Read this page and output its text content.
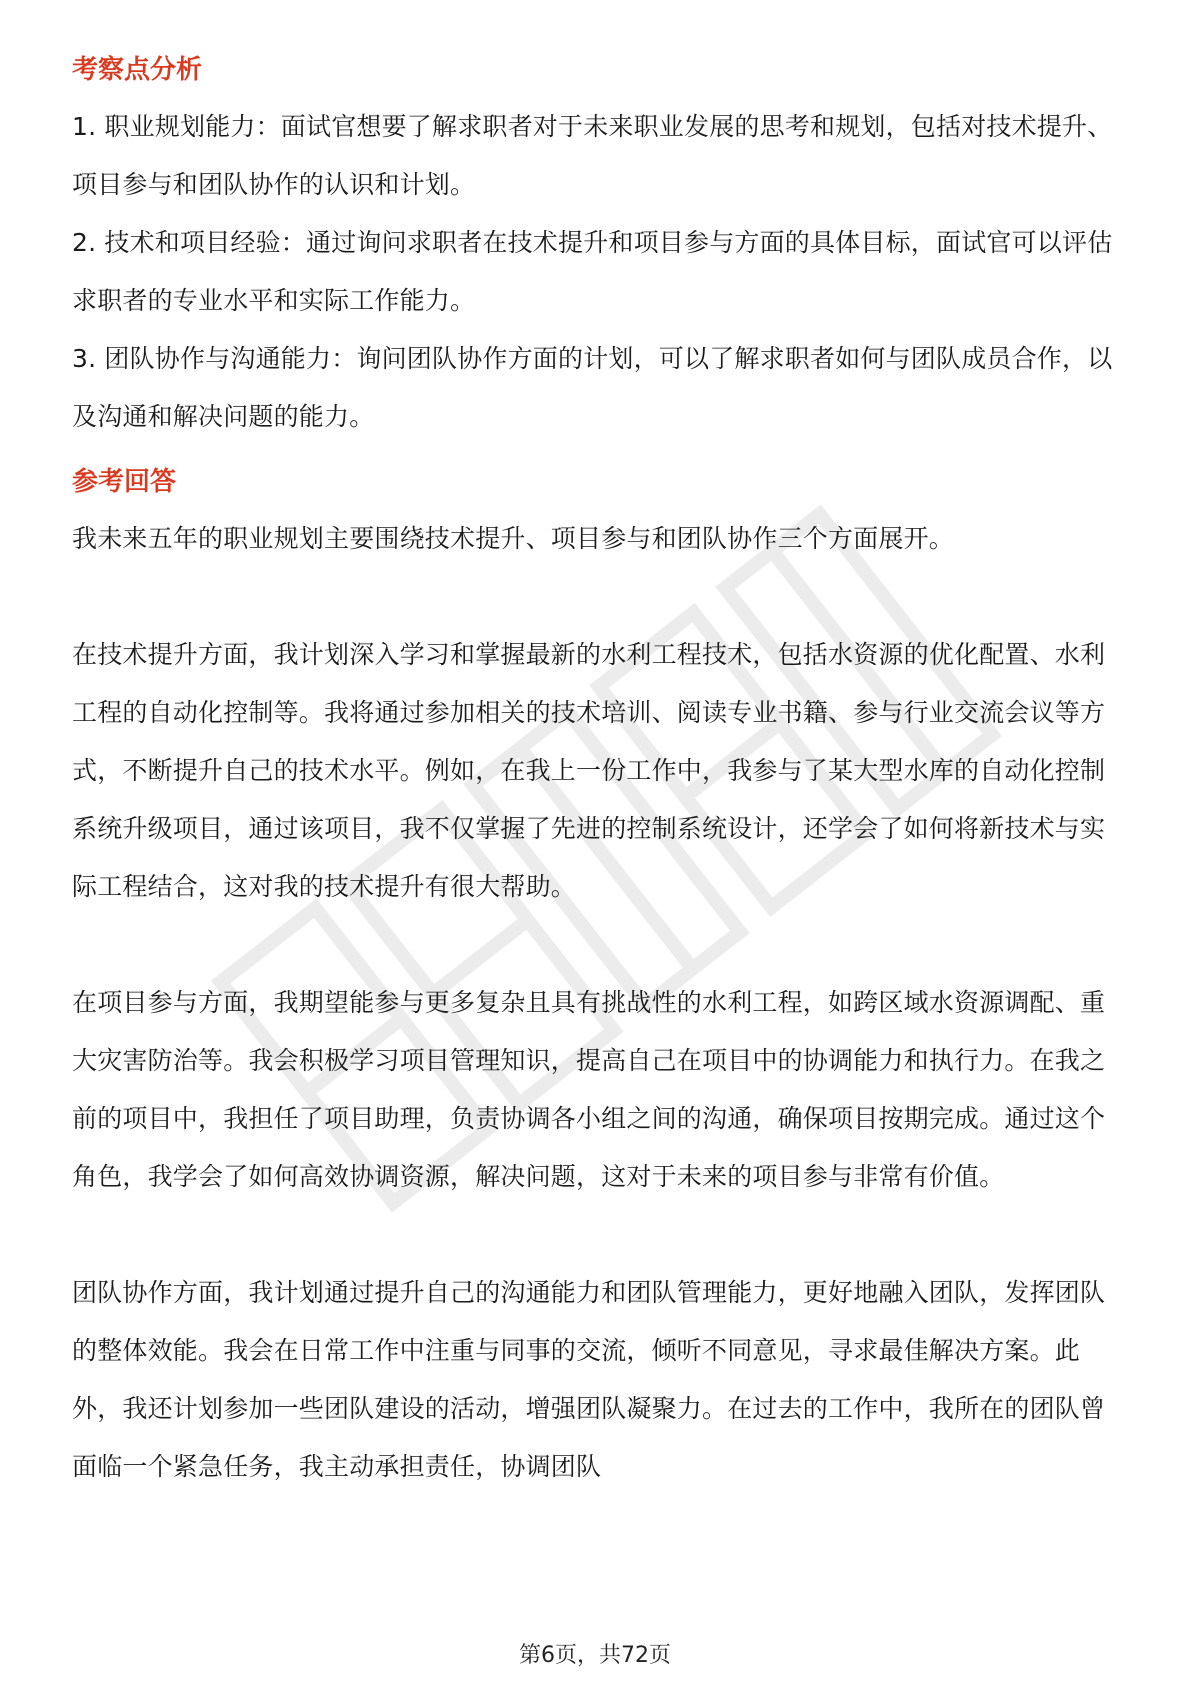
考察点分析

1. 职业规划能力：面试官想要了解求职者对于未来职业发展的思考和规划，包括对技术提升、项目参与和团队协作的认识和计划。

2. 技术和项目经验：通过询问求职者在技术提升和项目参与方面的具体目标，面试官可以评估求职者的专业水平和实际工作能力。

3. 团队协作与沟通能力：询问团队协作方面的计划，可以了解求职者如何与团队成员合作，以及沟通和解决问题的能力。

参考回答

我未来五年的职业规划主要围绕技术提升、项目参与和团队协作三个方面展开。

在技术提升方面，我计划深入学习和掌握最新的水利工程技术，包括水资源的优化配置、水利工程的自动化控制等。我将通过参加相关的技术培训、阅读专业书籍、参与行业交流会议等方式，不断提升自己的技术水平。例如，在我上一份工作中，我参与了某大型水库的自动化控制系统升级项目，通过该项目，我不仅掌握了先进的控制系统设计，还学会了如何将新技术与实际工程结合，这对我的技术提升有很大帮助。

在项目参与方面，我期望能参与更多复杂且具有挑战性的水利工程，如跨区域水资源调配、重大灾害防治等。我会积极学习项目管理知识，提高自己在项目中的协调能力和执行力。在我之前的项目中，我担任了项目助理，负责协调各小组之间的沟通，确保项目按期完成。通过这个角色，我学会了如何高效协调资源，解决问题，这对于未来的项目参与非常有价值。

团队协作方面，我计划通过提升自己的沟通能力和团队管理能力，更好地融入团队，发挥团队的整体效能。我会在日常工作中注重与同事的交流，倾听不同意见，寻求最佳解决方案。此外，我还计划参加一些团队建设的活动，增强团队凝聚力。在过去的工作中，我所在的团队曾面临一个紧急任务，我主动承担责任，协调团队

第6页，共72页
